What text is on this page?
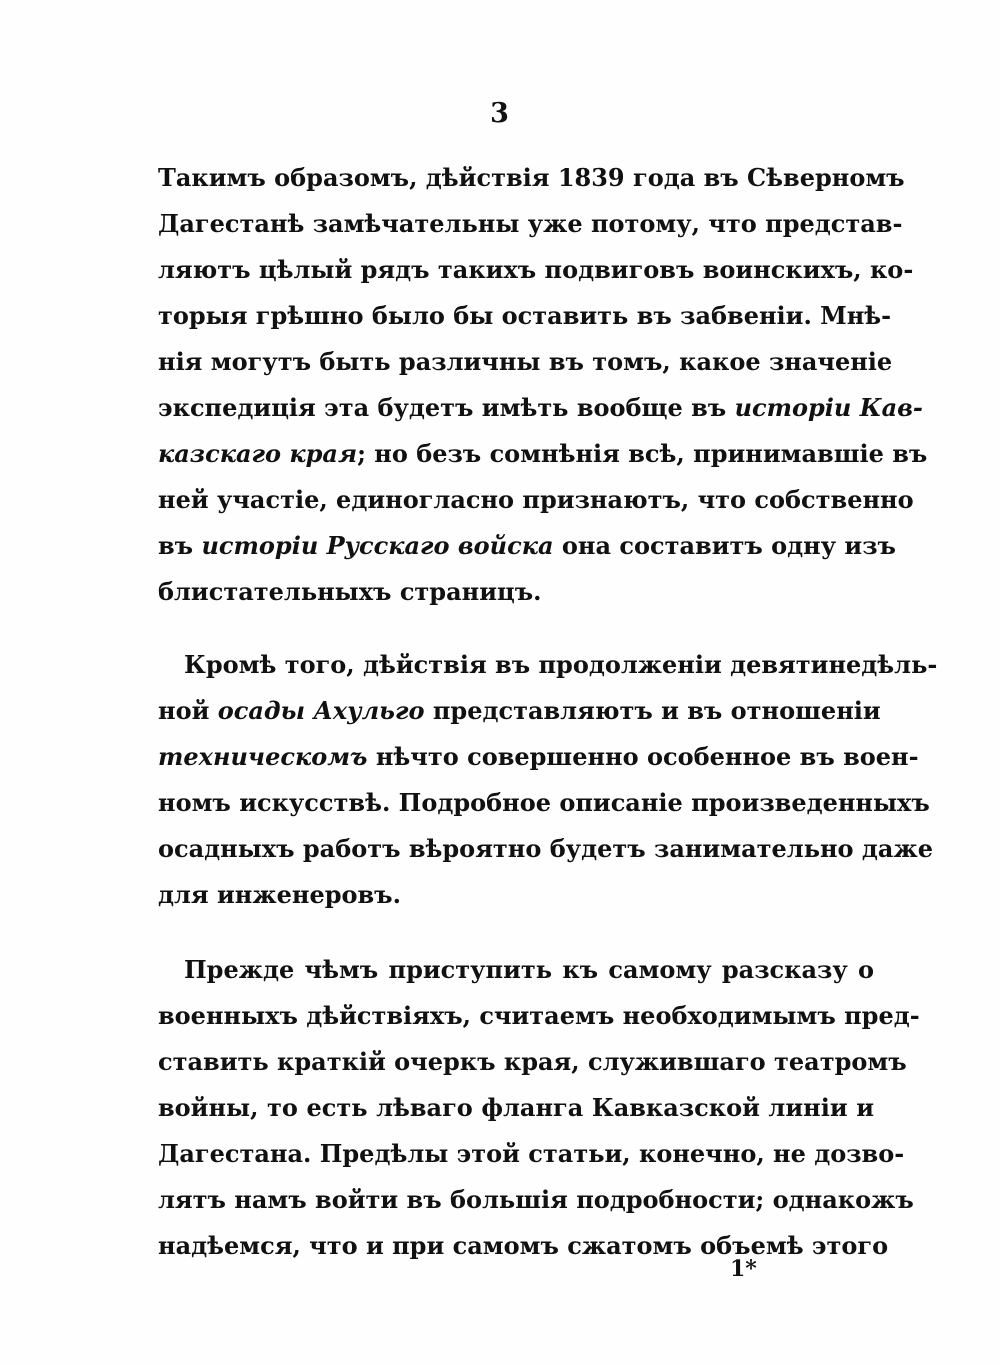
3
Такимъ образомъ, дѣйствія 1839 года въ Сѣверномъ
Дагестанѣ замѣчательны уже потому, что представ-
ляютъ цѣлый рядъ такихъ подвиговъ воинскихъ, ко-
торыя грѣшно было бы оставить въ забвеніи. Мнѣ-
нія могутъ быть различны въ томъ, какое значеніе
экспедиція эта будетъ имѣть вообще въ исторіи Кав-
казскаго края; но безъ сомнѣнія всѣ, принимавшіе въ
ней участіе, единогласно признаютъ, что собственно
въ исторіи Русскаго войска она составитъ одну изъ
блистательныхъ страницъ.
Кромѣ того, дѣйствія въ продолженіи девятинедѣль-
ной осады Ахульго представляютъ и въ отношеніи
техническомъ нѣчто совершенно особенное въ воен-
номъ искусствѣ. Подробное описаніе произведенныхъ
осадныхъ работъ вѣроятно будетъ занимательно даже
для инженеровъ.
Прежде чѣмъ приступить къ самому разсказу о
военныхъ дѣйствіяхъ, считаемъ необходимымъ пред-
ставить краткій очеркъ края, служившаго театромъ
войны, то есть лѣваго фланга Кавказской линіи и
Дагестана. Предѣлы этой статьи, конечно, не дозво-
лятъ намъ войти въ большія подробности; однакожъ
надѣемся, что и при самомъ сжатомъ объемѣ этого
1*
